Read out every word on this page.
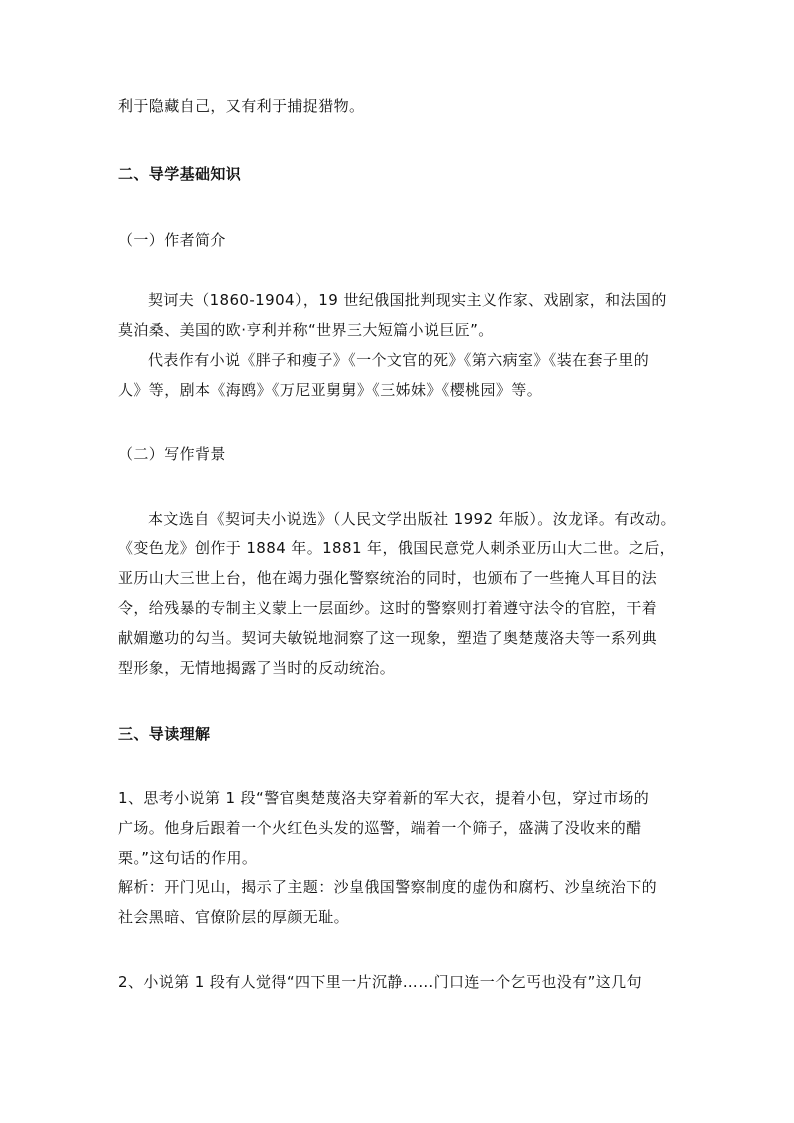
利于隐藏自己，又有利于捕捉猎物。
二、导学基础知识
（一）作者简介
契诃夫（1860-1904），19 世纪俄国批判现实主义作家、戏剧家，和法国的
莫泊桑、美国的欧·亨利并称“世界三大短篇小说巨匠”。
代表作有小说《胖子和瘦子》《一个文官的死》《第六病室》《装在套子里的
人》等，剧本《海鸥》《万尼亚舅舅》《三姊妹》《樱桃园》等。
（二）写作背景
本文选自《契诃夫小说选》（人民文学出版社 1992 年版）。汝龙译。有改动。
《变色龙》创作于 1884 年。1881 年，俄国民意党人刺杀亚历山大二世。之后，
亚历山大三世上台，他在竭力强化警察统治的同时，也颁布了一些掩人耳目的法
令，给残暴的专制主义蒙上一层面纱。这时的警察则打着遵守法令的官腔，干着
献媚邀功的勾当。契诃夫敏锐地洞察了这一现象，塑造了奥楚蔑洛夫等一系列典
型形象，无情地揭露了当时的反动统治。
三、导读理解
1、思考小说第 1 段“警官奥楚蔑洛夫穿着新的军大衣，提着小包，穿过市场的
广场。他身后跟着一个火红色头发的巡警，端着一个筛子，盛满了没收来的醋
栗。”这句话的作用。
解析：开门见山，揭示了主题：沙皇俄国警察制度的虚伪和腐朽、沙皇统治下的
社会黑暗、官僚阶层的厚颜无耻。
2、小说第 1 段有人觉得“四下里一片沉静……门口连一个乞丐也没有”这几句
